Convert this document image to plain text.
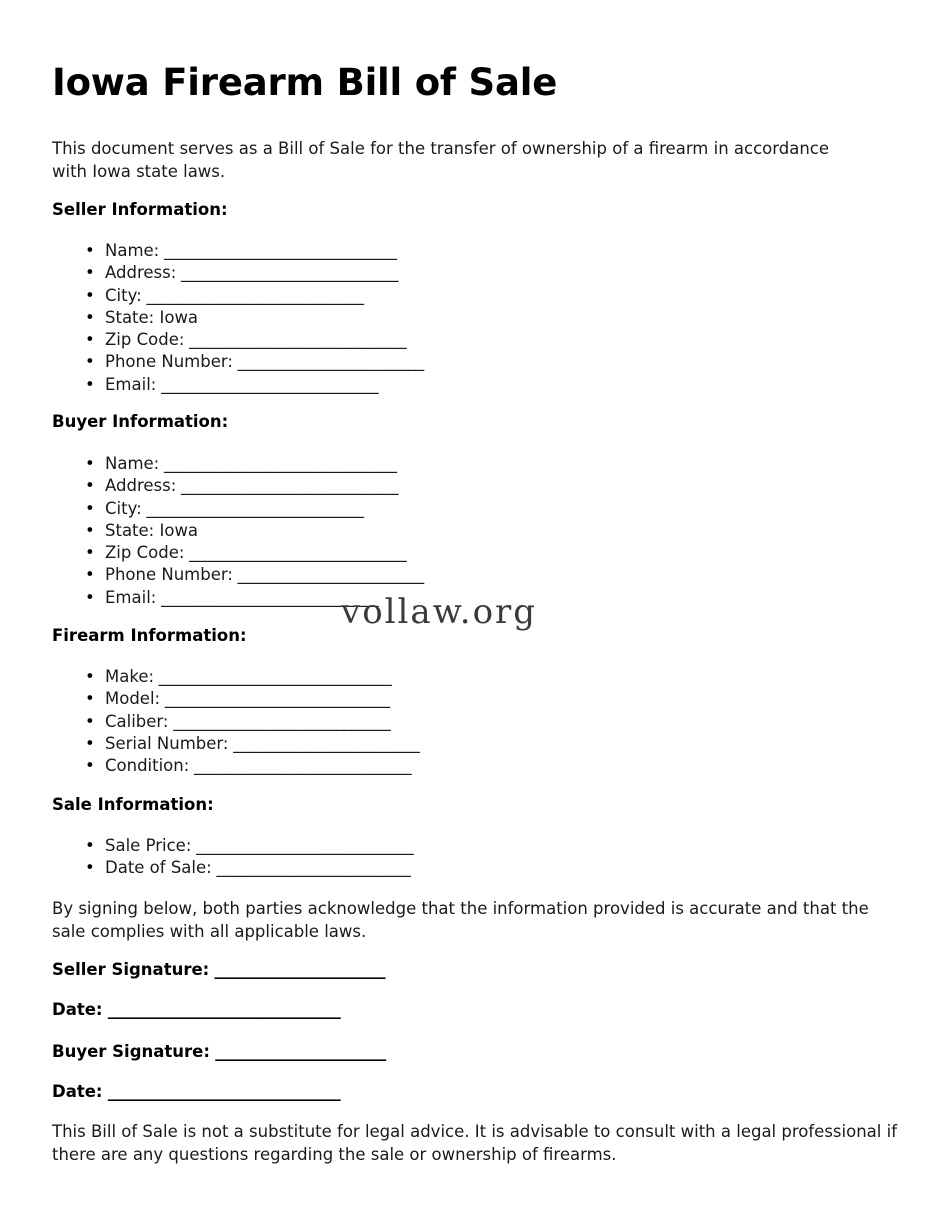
Iowa Firearm Bill of Sale

This document serves as a Bill of Sale for the transfer of ownership of a firearm in accordance with Iowa state laws.

Seller Information:
• Name: ______________________________
• Address: ____________________________
• City: ____________________________
• State: Iowa
• Zip Code: ____________________________
• Phone Number: ________________________
• Email: ____________________________
Buyer Information:
• Name: ______________________________
• Address: ____________________________
• City: ____________________________
• State: Iowa
• Zip Code: ____________________________
• Phone Number: ________________________
• Email: ____________________________
vollaw.org
Firearm Information:
• Make: ______________________________
• Model: _____________________________
• Caliber: ____________________________
• Serial Number: ________________________
• Condition: ____________________________
Sale Information:
• Sale Price: ____________________________
• Date of Sale: _________________________

By signing below, both parties acknowledge that the information provided is accurate and that the sale complies with all applicable laws.

Seller Signature: ______________________
Date: ______________________________
Buyer Signature: ______________________
Date: ______________________________

This Bill of Sale is not a substitute for legal advice. It is advisable to consult with a legal professional if there are any questions regarding the sale or ownership of firearms.
